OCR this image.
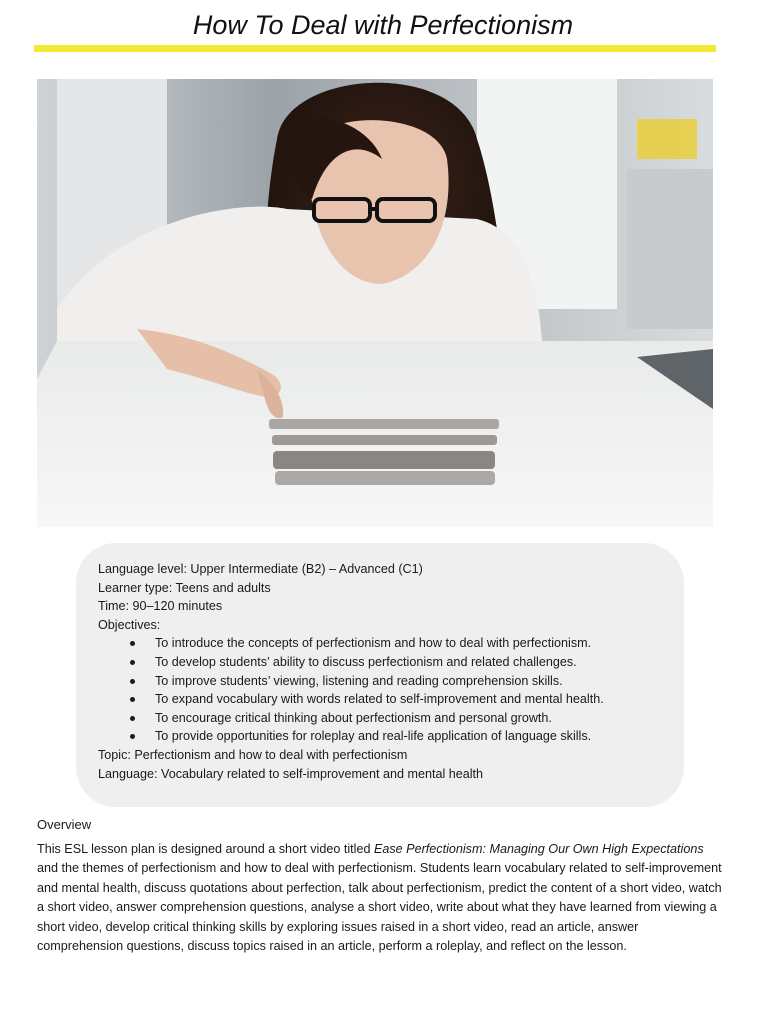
How To Deal with Perfectionism
Language level: Upper Intermediate (B2) – Advanced (C1)
Learner type: Teens and adults
Time: 90–120 minutes
Objectives:
To introduce the concepts of perfectionism and how to deal with perfectionism.
To develop students’ ability to discuss perfectionism and related challenges.
To improve students’ viewing, listening and reading comprehension skills.
To expand vocabulary with words related to self-improvement and mental health.
To encourage critical thinking about perfectionism and personal growth.
To provide opportunities for roleplay and real-life application of language skills.
Topic: Perfectionism and how to deal with perfectionism
Language: Vocabulary related to self-improvement and mental health
Overview
This ESL lesson plan is designed around a short video titled Ease Perfectionism: Managing Our Own High Expectations and the themes of perfectionism and how to deal with perfectionism. Students learn vocabulary related to self-improvement and mental health, discuss quotations about perfection, talk about perfectionism, predict the content of a short video, watch a short video, answer comprehension questions, analyse a short video, write about what they have learned from viewing a short video, develop critical thinking skills by exploring issues raised in a short video, read an article, answer comprehension questions, discuss topics raised in an article, perform a roleplay, and reflect on the lesson.
